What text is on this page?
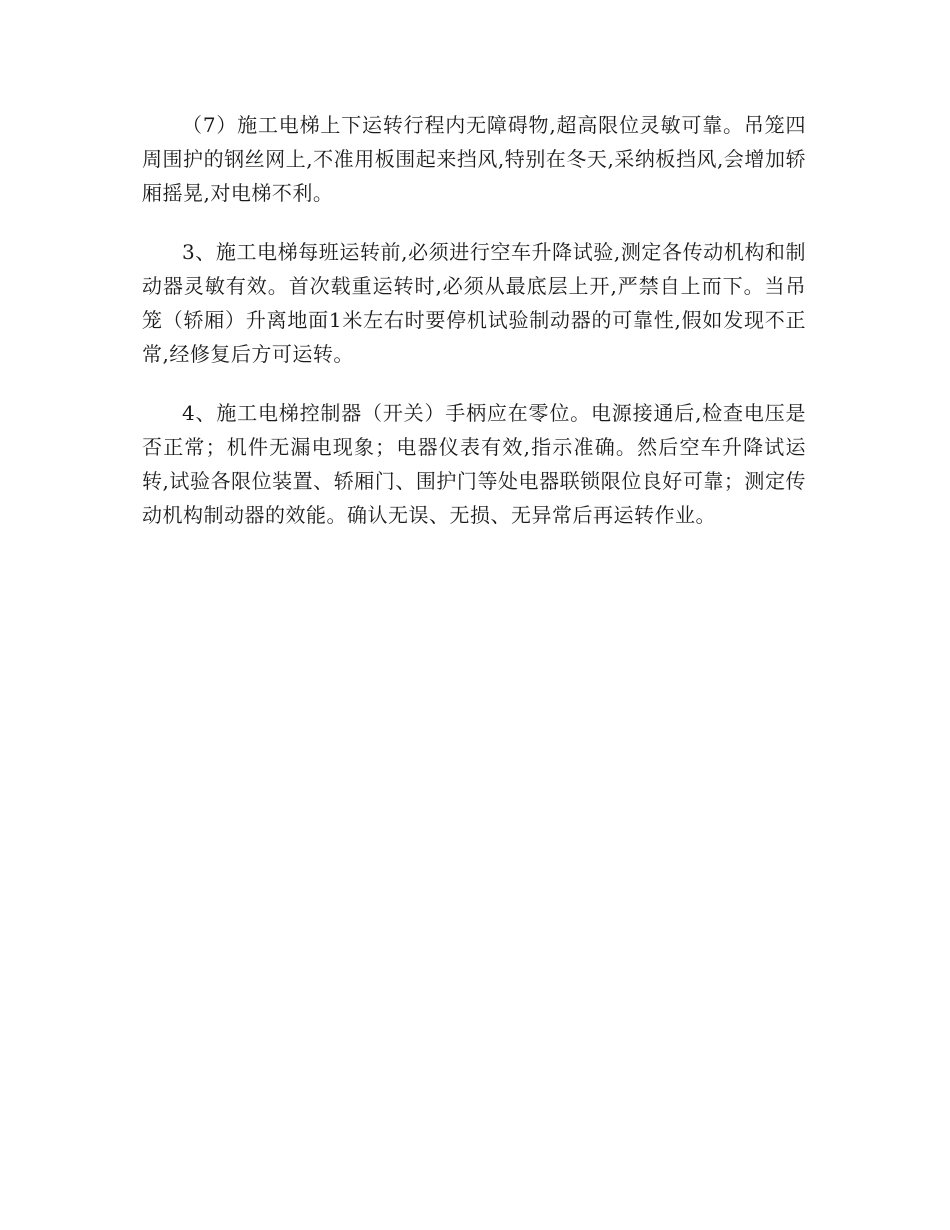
（7）施工电梯上下运转行程内无障碍物,超高限位灵敏可靠。吊笼四周围护的钢丝网上,不准用板围起来挡风,特别在冬天,采纳板挡风,会增加轿厢摇晃,对电梯不利。

3、施工电梯每班运转前,必须进行空车升降试验,测定各传动机构和制动器灵敏有效。首次载重运转时,必须从最底层上开,严禁自上而下。当吊笼（轿厢）升离地面1米左右时要停机试验制动器的可靠性,假如发现不正常,经修复后方可运转。

4、施工电梯控制器（开关）手柄应在零位。电源接通后,检查电压是否正常；机件无漏电现象；电器仪表有效,指示准确。然后空车升降试运转,试验各限位装置、轿厢门、围护门等处电器联锁限位良好可靠；测定传动机构制动器的效能。确认无误、无损、无异常后再运转作业。
